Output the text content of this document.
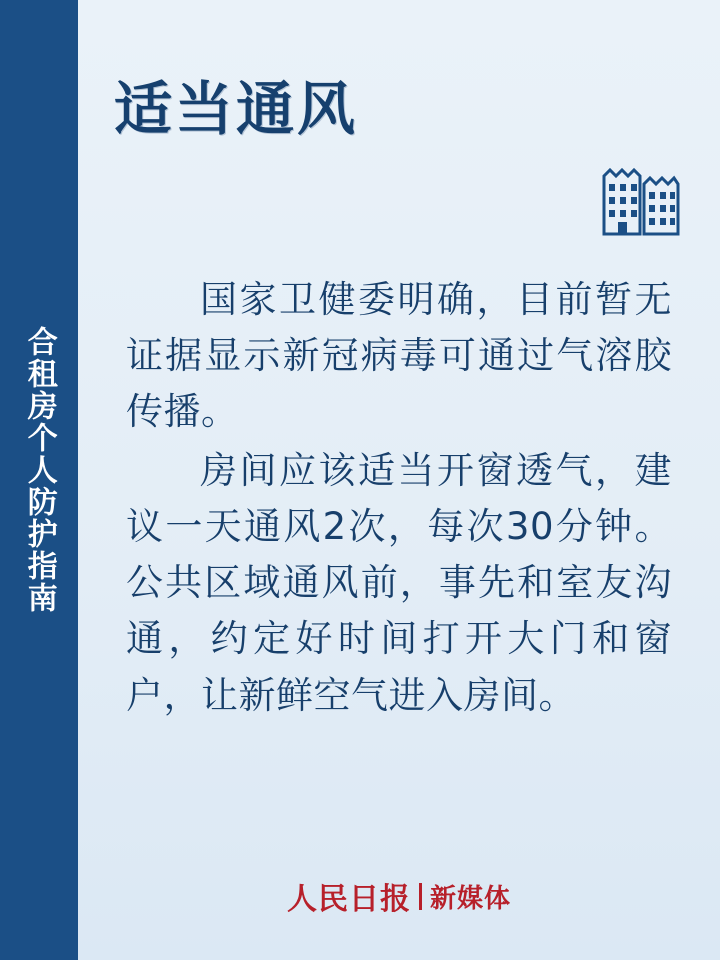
合租房个人防护指南
适当通风

国家卫健委明确，目前暂无证据显示新冠病毒可通过气溶胶传播。

房间应该适当开窗透气，建议一天通风2次，每次30分钟。公共区域通风前，事先和室友沟通，约定好时间打开大门和窗户，让新鲜空气进入房间。

人民日报 新媒体
